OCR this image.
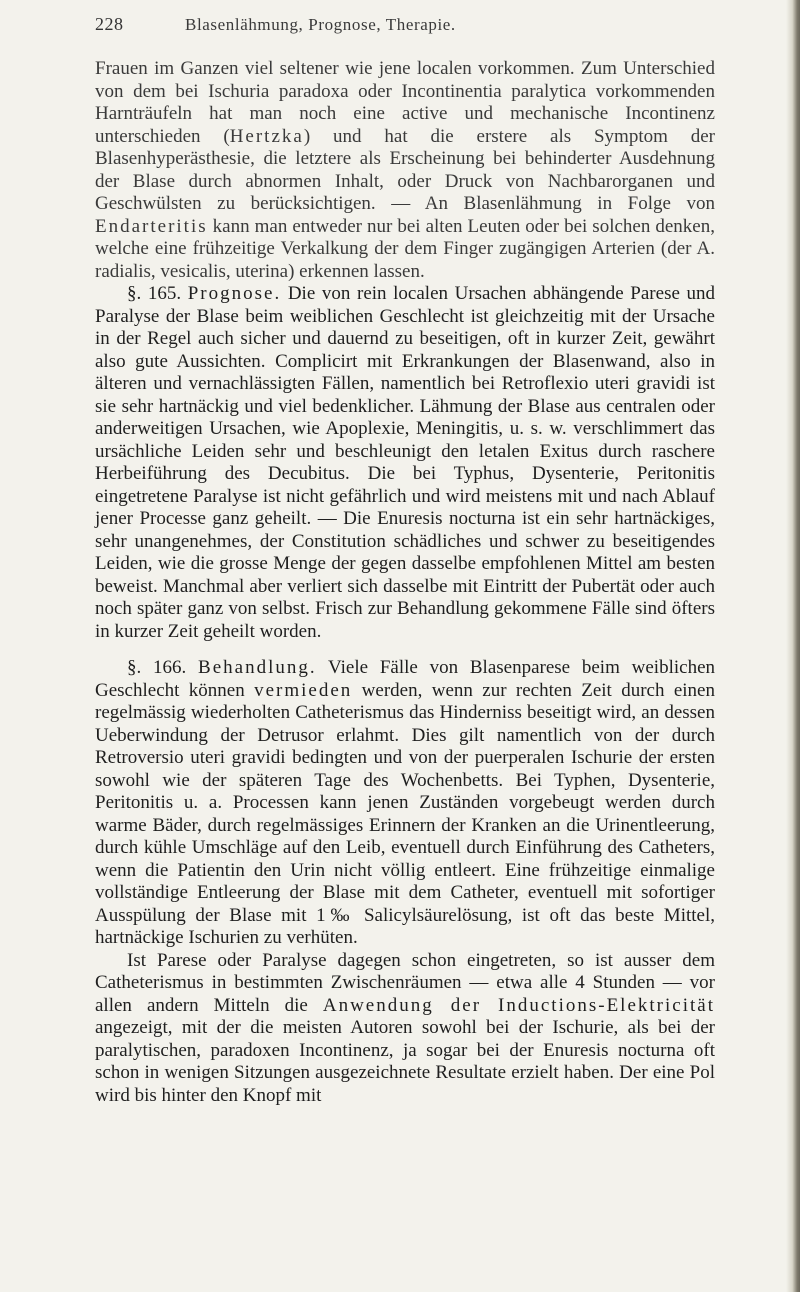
228	Blasenlähmung, Prognose, Therapie.

Frauen im Ganzen viel seltener wie jene localen vorkommen. Zum Unterschied von dem bei Ischuria paradoxa oder Incontinentia paralytica vorkommenden Harnträufeln hat man noch eine active und mechanische Incontinenz unterschieden (Hertzka) und hat die erstere als Symptom der Blasenhyperästhesie, die letztere als Erscheinung bei behinderter Ausdehnung der Blase durch abnormen Inhalt, oder Druck von Nachbarorganen und Geschwülsten zu berücksichtigen. — An Blasenlähmung in Folge von Endarteritis kann man entweder nur bei alten Leuten oder bei solchen denken, welche eine frühzeitige Verkalkung der dem Finger zugängigen Arterien (der A. radialis, vesicalis, uterina) erkennen lassen.

§. 165. Prognose. Die von rein localen Ursachen abhängende Parese und Paralyse der Blase beim weiblichen Geschlecht ist gleichzeitig mit der Ursache in der Regel auch sicher und dauernd zu beseitigen, oft in kurzer Zeit, gewährt also gute Aussichten. Complicirt mit Erkrankungen der Blasenwand, also in älteren und vernachlässigten Fällen, namentlich bei Retroflexio uteri gravidi ist sie sehr hartnäckig und viel bedenklicher. Lähmung der Blase aus centralen oder anderweitigen Ursachen, wie Apoplexie, Meningitis, u. s. w. verschlimmert das ursächliche Leiden sehr und beschleunigt den letalen Exitus durch raschere Herbeiführung des Decubitus. Die bei Typhus, Dysenterie, Peritonitis eingetretene Paralyse ist nicht gefährlich und wird meistens mit und nach Ablauf jener Processe ganz geheilt. — Die Enuresis nocturna ist ein sehr hartnäckiges, sehr unangenehmes, der Constitution schädliches und schwer zu beseitigendes Leiden, wie die grosse Menge der gegen dasselbe empfohlenen Mittel am besten beweist. Manchmal aber verliert sich dasselbe mit Eintritt der Pubertät oder auch noch später ganz von selbst. Frisch zur Behandlung gekommene Fälle sind öfters in kurzer Zeit geheilt worden.

§. 166. Behandlung. Viele Fälle von Blasenparese beim weiblichen Geschlecht können vermieden werden, wenn zur rechten Zeit durch einen regelmässig wiederholten Catheterismus das Hinderniss beseitigt wird, an dessen Ueberwindung der Detrusor erlahmt. Dies gilt namentlich von der durch Retroversio uteri gravidi bedingten und von der puerperalen Ischurie der ersten sowohl wie der späteren Tage des Wochenbetts. Bei Typhen, Dysenterie, Peritonitis u. a. Processen kann jenen Zuständen vorgebeugt werden durch warme Bäder, durch regelmässiges Erinnern der Kranken an die Urinentleerung, durch kühle Umschläge auf den Leib, eventuell durch Einführung des Catheters, wenn die Patientin den Urin nicht völlig entleert. Eine frühzeitige einmalige vollständige Entleerung der Blase mit dem Catheter, eventuell mit sofortiger Ausspülung der Blase mit 1‰ Salicylsäurelösung, ist oft das beste Mittel, hartnäckige Ischurien zu verhüten.

Ist Parese oder Paralyse dagegen schon eingetreten, so ist ausser dem Catheterismus in bestimmten Zwischenräumen — etwa alle 4 Stunden — vor allen andern Mitteln die Anwendung der Inductions-Elektricität angezeigt, mit der die meisten Autoren sowohl bei der Ischurie, als bei der paralytischen, paradoxen Incontinenz, ja sogar bei der Enuresis nocturna oft schon in wenigen Sitzungen ausgezeichnete Resultate erzielt haben. Der eine Pol wird bis hinter den Knopf mit
